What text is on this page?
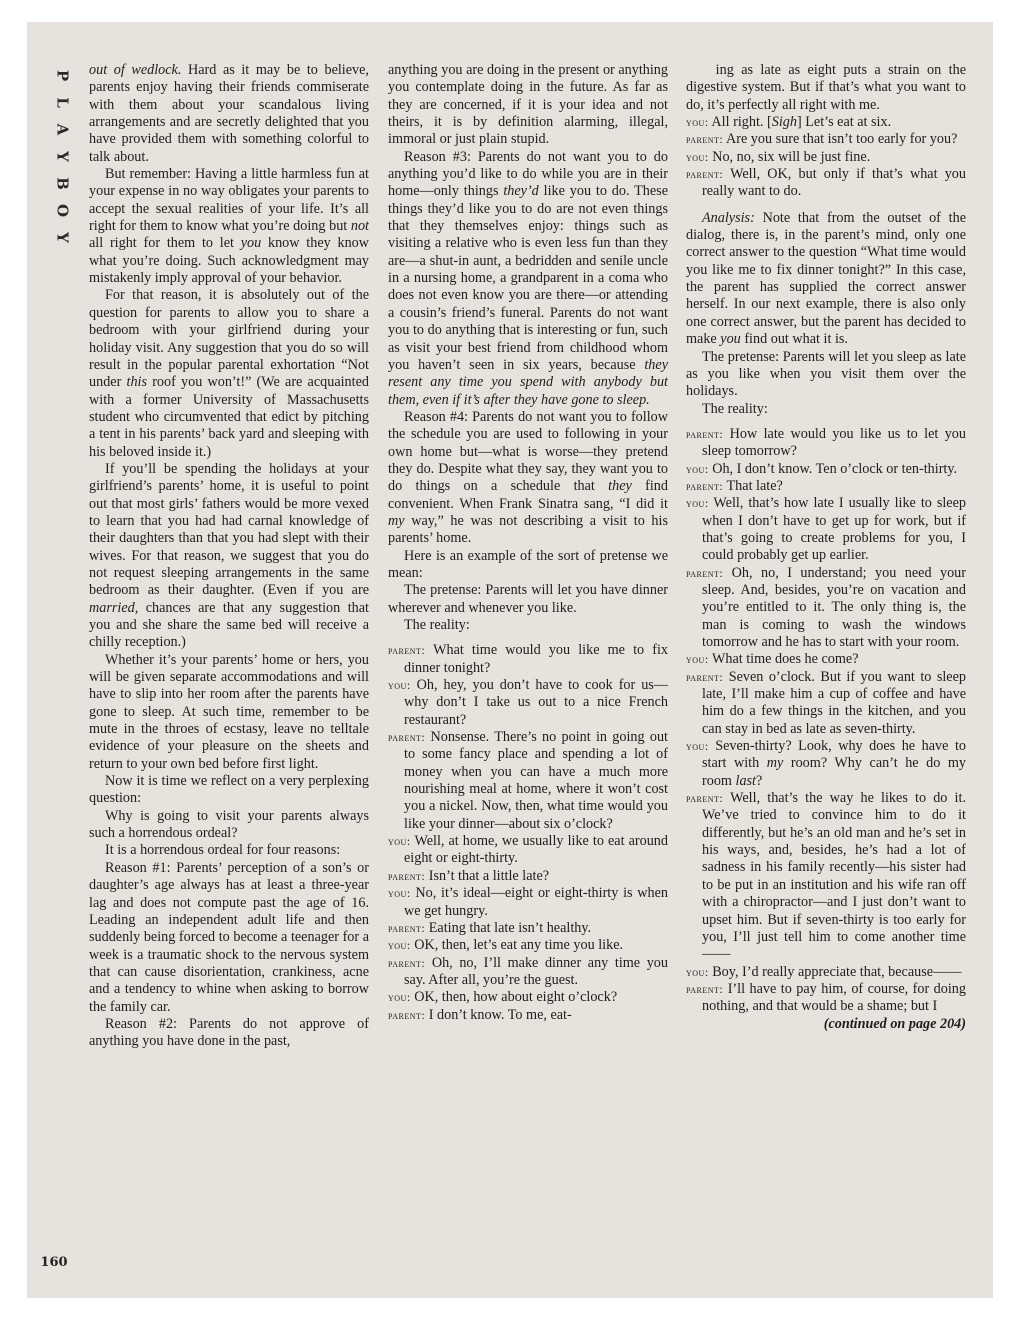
P
L
A
Y
B
O
Y

out of wedlock. Hard as it may be to believe, parents enjoy having their friends commiserate with them about your scandalous living arrangements and are secretly delighted that you have provided them with something colorful to talk about.

But remember: Having a little harmless fun at your expense in no way obligates your parents to accept the sexual realities of your life. It’s all right for them to know what you’re doing but not all right for them to let you know they know what you’re doing. Such acknowledgment may mistakenly imply approval of your behavior.

For that reason, it is absolutely out of the question for parents to allow you to share a bedroom with your girlfriend during your holiday visit. Any suggestion that you do so will result in the popular parental exhortation “Not under this roof you won’t!” (We are acquainted with a former University of Massachusetts student who circumvented that edict by pitching a tent in his parents’ back yard and sleeping with his beloved inside it.)

If you’ll be spending the holidays at your girlfriend’s parents’ home, it is useful to point out that most girls’ fathers would be more vexed to learn that you had had carnal knowledge of their daughters than that you had slept with their wives. For that reason, we suggest that you do not request sleeping arrangements in the same bedroom as their daughter. (Even if you are married, chances are that any suggestion that you and she share the same bed will receive a chilly reception.)

Whether it’s your parents’ home or hers, you will be given separate accommodations and will have to slip into her room after the parents have gone to sleep. At such time, remember to be mute in the throes of ecstasy, leave no telltale evidence of your pleasure on the sheets and return to your own bed before first light.

Now it is time we reflect on a very perplexing question:

Why is going to visit your parents always such a horrendous ordeal?

It is a horrendous ordeal for four reasons:

Reason #1: Parents’ perception of a son’s or daughter’s age always has at least a three-year lag and does not compute past the age of 16. Leading an independent adult life and then suddenly being forced to become a teenager for a week is a traumatic shock to the nervous system that can cause disorientation, crankiness, acne and a tendency to whine when asking to borrow the family car.

Reason #2: Parents do not approve of anything you have done in the past,

anything you are doing in the present or anything you contemplate doing in the future. As far as they are concerned, if it is your idea and not theirs, it is by definition alarming, illegal, immoral or just plain stupid.

Reason #3: Parents do not want you to do anything you’d like to do while you are in their home—only things they’d like you to do. These things they’d like you to do are not even things that they themselves enjoy: things such as visiting a relative who is even less fun than they are—a shut-in aunt, a bedridden and senile uncle in a nursing home, a grandparent in a coma who does not even know you are there—or attending a cousin’s friend’s funeral. Parents do not want you to do anything that is interesting or fun, such as visit your best friend from childhood whom you haven’t seen in six years, because they resent any time you spend with anybody but them, even if it’s after they have gone to sleep.

Reason #4: Parents do not want you to follow the schedule you are used to following in your own home but—what is worse—they pretend they do. Despite what they say, they want you to do things on a schedule that they find convenient. When Frank Sinatra sang, “I did it my way,” he was not describing a visit to his parents’ home.

Here is an example of the sort of pretense we mean:

The pretense: Parents will let you have dinner wherever and whenever you like.

The reality:

parent: What time would you like me to fix dinner tonight?

you: Oh, hey, you don’t have to cook for us—why don’t I take us out to a nice French restaurant?

parent: Nonsense. There’s no point in going out to some fancy place and spending a lot of money when you can have a much more nourishing meal at home, where it won’t cost you a nickel. Now, then, what time would you like your dinner—about six o’clock?

you: Well, at home, we usually like to eat around eight or eight-thirty.

parent: Isn’t that a little late?

you: No, it’s ideal—eight or eight-thirty is when we get hungry.

parent: Eating that late isn’t healthy.

you: OK, then, let’s eat any time you like.

parent: Oh, no, I’ll make dinner any time you say. After all, you’re the guest.

you: OK, then, how about eight o’clock?

parent: I don’t know. To me, eat-

ing as late as eight puts a strain on the digestive system. But if that’s what you want to do, it’s perfectly all right with me.

you: All right. [Sigh] Let’s eat at six.

parent: Are you sure that isn’t too early for you?

you: No, no, six will be just fine.

parent: Well, OK, but only if that’s what you really want to do.

Analysis: Note that from the outset of the dialog, there is, in the parent’s mind, only one correct answer to the question “What time would you like me to fix dinner tonight?” In this case, the parent has supplied the correct answer herself. In our next example, there is also only one correct answer, but the parent has decided to make you find out what it is.

The pretense: Parents will let you sleep as late as you like when you visit them over the holidays.

The reality:

parent: How late would you like us to let you sleep tomorrow?

you: Oh, I don’t know. Ten o’clock or ten-thirty.

parent: That late?

you: Well, that’s how late I usually like to sleep when I don’t have to get up for work, but if that’s going to create problems for you, I could probably get up earlier.

parent: Oh, no, I understand; you need your sleep. And, besides, you’re on vacation and you’re entitled to it. The only thing is, the man is coming to wash the windows tomorrow and he has to start with your room.

you: What time does he come?

parent: Seven o’clock. But if you want to sleep late, I’ll make him a cup of coffee and have him do a few things in the kitchen, and you can stay in bed as late as seven-thirty.

you: Seven-thirty? Look, why does he have to start with my room? Why can’t he do my room last?

parent: Well, that’s the way he likes to do it. We’ve tried to convince him to do it differently, but he’s an old man and he’s set in his ways, and, besides, he’s had a lot of sadness in his family recently—his sister had to be put in an institution and his wife ran off with a chiropractor—and I just don’t want to upset him. But if seven-thirty is too early for you, I’ll just tell him to come another time——

you: Boy, I’d really appreciate that, because——

parent: I’ll have to pay him, of course, for doing nothing, and that would be a shame; but I

(continued on page 204)

160
